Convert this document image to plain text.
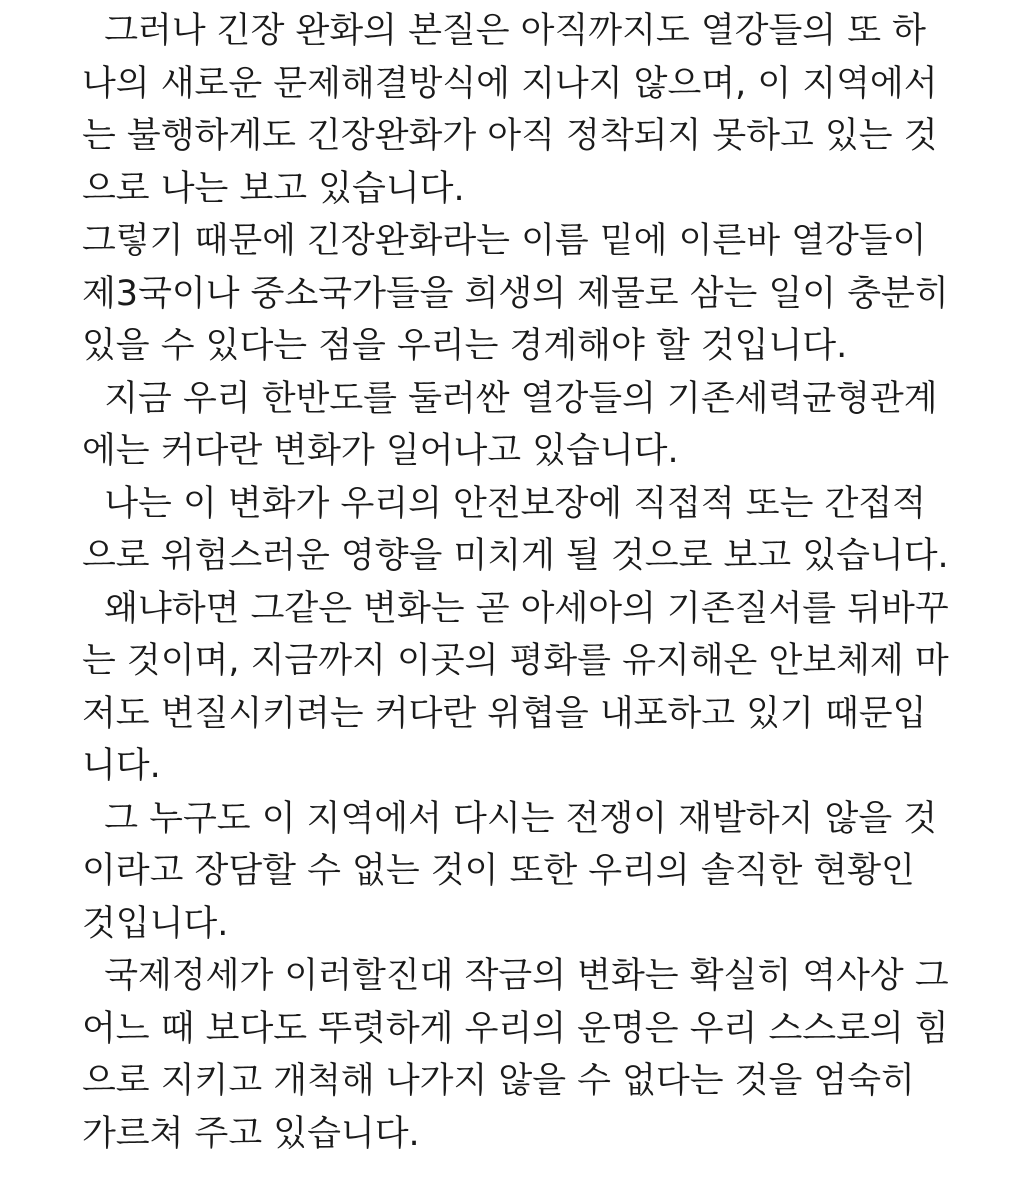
그러나 긴장 완화의 본질은 아직까지도 열강들의 또 하
나의 새로운 문제해결방식에 지나지 않으며, 이 지역에서
는 불행하게도 긴장완화가 아직 정착되지 못하고 있는 것
으로 나는 보고 있습니다.
그렇기 때문에 긴장완화라는 이름 밑에 이른바 열강들이
제3국이나 중소국가들을 희생의 제물로 삼는 일이 충분히
있을 수 있다는 점을 우리는 경계해야 할 것입니다.
지금 우리 한반도를 둘러싼 열강들의 기존세력균형관계
에는 커다란 변화가 일어나고 있습니다.
나는 이 변화가 우리의 안전보장에 직접적 또는 간접적
으로 위험스러운 영향을 미치게 될 것으로 보고 있습니다.
왜냐하면 그같은 변화는 곧 아세아의 기존질서를 뒤바꾸
는 것이며, 지금까지 이곳의 평화를 유지해온 안보체제 마
저도 변질시키려는 커다란 위협을 내포하고 있기 때문입
니다.
그 누구도 이 지역에서 다시는 전쟁이 재발하지 않을 것
이라고 장담할 수 없는 것이 또한 우리의 솔직한 현황인
것입니다.
국제정세가 이러할진대 작금의 변화는 확실히 역사상 그
어느 때 보다도 뚜렷하게 우리의 운명은 우리 스스로의 힘
으로 지키고 개척해 나가지 않을 수 없다는 것을 엄숙히
가르쳐 주고 있습니다.
